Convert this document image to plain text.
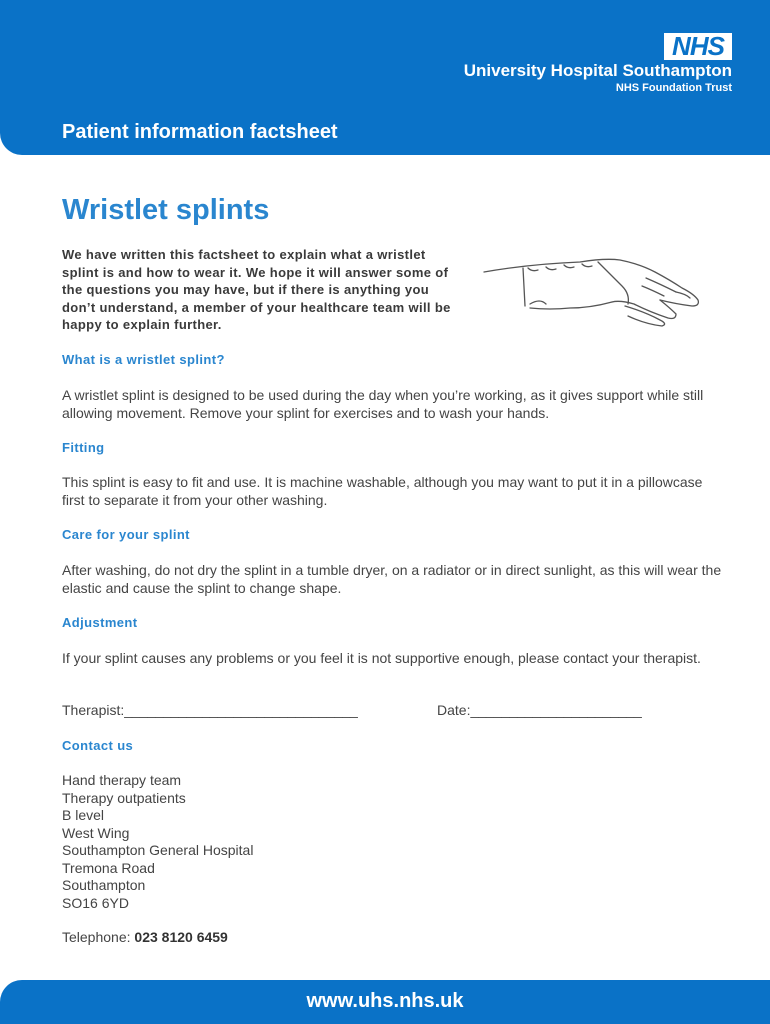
NHS
University Hospital Southampton
NHS Foundation Trust
Patient information factsheet
Wristlet splints

We have written this factsheet to explain what a wristlet splint is and how to wear it. We hope it will answer some of the questions you may have, but if there is anything you don’t understand, a member of your healthcare team will be happy to explain further.

What is a wristlet splint?

A wristlet splint is designed to be used during the day when you’re working, as it gives support while still allowing movement. Remove your splint for exercises and to wash your hands.

Fitting

This splint is easy to fit and use. It is machine washable, although you may want to put it in a pillowcase first to separate it from your other washing.

Care for your splint

After washing, do not dry the splint in a tumble dryer, on a radiator or in direct sunlight, as this will wear the elastic and cause the splint to change shape.

Adjustment

If your splint causes any problems or you feel it is not supportive enough, please contact your therapist.

Therapist:______________________________	Date:______________________
Contact us
Hand therapy team
Therapy outpatients
B level
West Wing
Southampton General Hospital
Tremona Road
Southampton
SO16 6YD
Telephone: 023 8120 6459
www.uhs.nhs.uk
